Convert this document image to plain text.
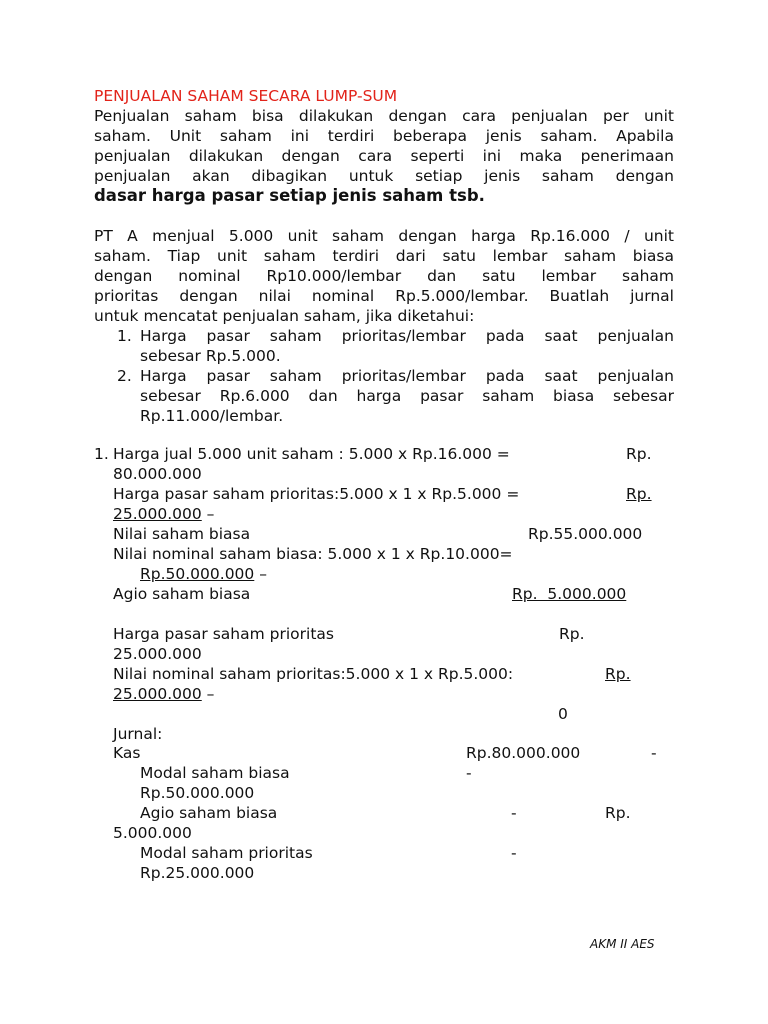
PENJUALAN SAHAM SECARA LUMP-SUM
Penjualan saham bisa dilakukan dengan cara penjualan per unit
saham. Unit saham ini terdiri beberapa jenis saham. Apabila
penjualan dilakukan dengan cara seperti ini maka penerimaan
penjualan akan dibagikan untuk setiap jenis saham dengan
dasar harga pasar setiap jenis saham tsb.
PT A menjual 5.000 unit saham dengan harga Rp.16.000 / unit
saham. Tiap unit saham terdiri dari satu lembar saham biasa
dengan nominal Rp10.000/lembar dan satu lembar saham
prioritas dengan nilai nominal Rp.5.000/lembar. Buatlah jurnal
untuk mencatat penjualan saham, jika diketahui:
1. Harga pasar saham prioritas/lembar pada saat penjualan
sebesar Rp.5.000.
2. Harga pasar saham prioritas/lembar pada saat penjualan
sebesar Rp.6.000 dan harga pasar saham biasa sebesar
Rp.11.000/lembar.
1. Harga jual 5.000 unit saham : 5.000 x Rp.16.000 =	Rp.
80.000.000
Harga pasar saham prioritas:5.000 x 1 x Rp.5.000 =	Rp.
25.000.000 –
Nilai saham biasa	Rp.55.000.000
Nilai nominal saham biasa: 5.000 x 1 x Rp.10.000=
Rp.50.000.000 –
Agio saham biasa	Rp.  5.000.000
Harga pasar saham prioritas	Rp.
25.000.000
Nilai nominal saham prioritas:5.000 x 1 x Rp.5.000:	Rp.
25.000.000 –
0
Jurnal:
Kas	Rp.80.000.000	-
Modal saham biasa	-
Rp.50.000.000
Agio saham biasa	-	Rp.
5.000.000
Modal saham prioritas	-
Rp.25.000.000
AKM II AES
